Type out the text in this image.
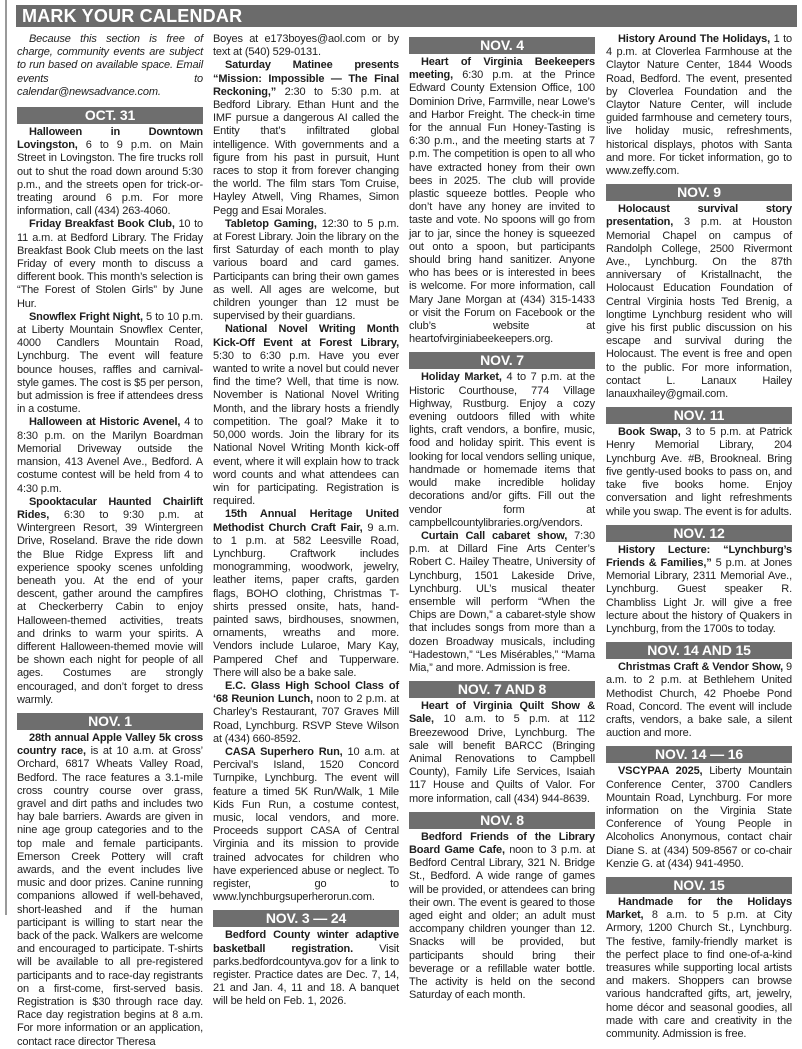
MARK YOUR CALENDAR

Because this section is free of charge, community events are subject to run based on available space. Email events to calendar@newsadvance.com.

OCT. 31

Halloween in Downtown Lovingston, 6 to 9 p.m. on Main Street in Lovingston. The fire trucks roll out to shut the road down around 5:30 p.m., and the streets open for trick-or-treating around 6 p.m. For more information, call (434) 263-4060.

Friday Breakfast Book Club, 10 to 11 a.m. at Bedford Library. The Friday Breakfast Book Club meets on the last Friday of every month to discuss a different book. This month’s selection is “The Forest of Stolen Girls” by June Hur.

Snowflex Fright Night, 5 to 10 p.m. at Liberty Mountain Snowflex Center, 4000 Candlers Mountain Road, Lynchburg. The event will feature bounce houses, raffles and carnival-style games. The cost is $5 per person, but admission is free if attendees dress in a costume.

Halloween at Historic Avenel, 4 to 8:30 p.m. on the Marilyn Boardman Memorial Driveway outside the mansion, 413 Avenel Ave., Bedford. A costume contest will be held from 4 to 4:30 p.m.

Spooktacular Haunted Chairlift Rides, 6:30 to 9:30 p.m. at Wintergreen Resort, 39 Wintergreen Drive, Roseland. Brave the ride down the Blue Ridge Express lift and experience spooky scenes unfolding beneath you. At the end of your descent, gather around the campfires at Checkerberry Cabin to enjoy Halloween-themed activities, treats and drinks to warm your spirits. A different Halloween-themed movie will be shown each night for people of all ages. Costumes are strongly encouraged, and don’t forget to dress warmly.

NOV. 1

28th annual Apple Valley 5k cross country race, is at 10 a.m. at Gross’ Orchard, 6817 Wheats Valley Road, Bedford. The race features a 3.1-mile cross country course over grass, gravel and dirt paths and includes two hay bale barriers. Awards are given in nine age group categories and to the top male and female participants. Emerson Creek Pottery will craft awards, and the event includes live music and door prizes. Canine running companions allowed if well-behaved, short-leashed and if the human participant is willing to start near the back of the pack. Walkers are welcome and encouraged to participate. T-shirts will be available to all pre-registered participants and to race-day registrants on a first-come, first-served basis. Registration is $30 through race day. Race day registration begins at 8 a.m. For more information or an application, contact race director Theresa

Boyes at e173boyes@aol.com or by text at (540) 529-0131.

Saturday Matinee presents “Mission: Impossible — The Final Reckoning,” 2:30 to 5:30 p.m. at Bedford Library. Ethan Hunt and the IMF pursue a dangerous AI called the Entity that’s infiltrated global intelligence. With governments and a figure from his past in pursuit, Hunt races to stop it from forever changing the world. The film stars Tom Cruise, Hayley Atwell, Ving Rhames, Simon Pegg and Esai Morales.

Tabletop Gaming, 12:30 to 5 p.m. at Forest Library. Join the library on the first Saturday of each month to play various board and card games. Participants can bring their own games as well. All ages are welcome, but children younger than 12 must be supervised by their guardians.

National Novel Writing Month Kick-Off Event at Forest Library, 5:30 to 6:30 p.m. Have you ever wanted to write a novel but could never find the time? Well, that time is now. November is National Novel Writing Month, and the library hosts a friendly competition. The goal? Make it to 50,000 words. Join the library for its National Novel Writing Month kick-off event, where it will explain how to track word counts and what attendees can win for participating. Registration is required.

15th Annual Heritage United Methodist Church Craft Fair, 9 a.m. to 1 p.m. at 582 Leesville Road, Lynchburg. Craftwork includes monogramming, woodwork, jewelry, leather items, paper crafts, garden flags, BOHO clothing, Christmas T-shirts pressed onsite, hats, hand-painted saws, birdhouses, snowmen, ornaments, wreaths and more. Vendors include Lularoe, Mary Kay, Pampered Chef and Tupperware. There will also be a bake sale.

E.C. Glass High School Class of ‘68 Reunion Lunch, noon to 2 p.m. at Charley’s Restaurant, 707 Graves Mill Road, Lynchburg. RSVP Steve Wilson at (434) 660-8592.

CASA Superhero Run, 10 a.m. at Percival’s Island, 1520 Concord Turnpike, Lynchburg. The event will feature a timed 5K Run/Walk, 1 Mile Kids Fun Run, a costume contest, music, local vendors, and more. Proceeds support CASA of Central Virginia and its mission to provide trained advocates for children who have experienced abuse or neglect. To register, go to www.lynchburgsuperherorun.com.

NOV. 3 — 24

Bedford County winter adaptive basketball registration. Visit parks.bedfordcountyva.gov for a link to register. Practice dates are Dec. 7, 14, 21 and Jan. 4, 11 and 18. A banquet will be held on Feb. 1, 2026.

NOV. 4

Heart of Virginia Beekeepers meeting, 6:30 p.m. at the Prince Edward County Extension Office, 100 Dominion Drive, Farmville, near Lowe’s and Harbor Freight. The check-in time for the annual Fun Honey-Tasting is 6:30 p.m., and the meeting starts at 7 p.m. The competition is open to all who have extracted honey from their own bees in 2025. The club will provide plastic squeeze bottles. People who don’t have any honey are invited to taste and vote. No spoons will go from jar to jar, since the honey is squeezed out onto a spoon, but participants should bring hand sanitizer. Anyone who has bees or is interested in bees is welcome. For more information, call Mary Jane Morgan at (434) 315-1433 or visit the Forum on Facebook or the club’s website at heartofvirginiabeekeepers.org.

NOV. 7

Holiday Market, 4 to 7 p.m. at the Historic Courthouse, 774 Village Highway, Rustburg. Enjoy a cozy evening outdoors filled with white lights, craft vendors, a bonfire, music, food and holiday spirit. This event is looking for local vendors selling unique, handmade or homemade items that would make incredible holiday decorations and/or gifts. Fill out the vendor form at campbellcountylibraries.org/vendors.

Curtain Call cabaret show, 7:30 p.m. at Dillard Fine Arts Center’s Robert C. Hailey Theatre, University of Lynchburg, 1501 Lakeside Drive, Lynchburg. UL’s musical theater ensemble will perform “When the Chips are Down,” a cabaret-style show that includes songs from more than a dozen Broadway musicals, including “Hadestown,” “Les Misérables,” “Mama Mia,” and more. Admission is free.

NOV. 7 AND 8

Heart of Virginia Quilt Show & Sale, 10 a.m. to 5 p.m. at 112 Breezewood Drive, Lynchburg. The sale will benefit BARCC (Bringing Animal Renovations to Campbell County), Family Life Services, Isaiah 117 House and Quilts of Valor. For more information, call (434) 944-8639.

NOV. 8

Bedford Friends of the Library Board Game Cafe, noon to 3 p.m. at Bedford Central Library, 321 N. Bridge St., Bedford. A wide range of games will be provided, or attendees can bring their own. The event is geared to those aged eight and older; an adult must accompany children younger than 12. Snacks will be provided, but participants should bring their beverage or a refillable water bottle. The activity is held on the second Saturday of each month.

History Around The Holidays, 1 to 4 p.m. at Cloverlea Farmhouse at the Claytor Nature Center, 1844 Woods Road, Bedford. The event, presented by Cloverlea Foundation and the Claytor Nature Center, will include guided farmhouse and cemetery tours, live holiday music, refreshments, historical displays, photos with Santa and more. For ticket information, go to www.zeffy.com.

NOV. 9

Holocaust survival story presentation, 3 p.m. at Houston Memorial Chapel on campus of Randolph College, 2500 Rivermont Ave., Lynchburg. On the 87th anniversary of Kristallnacht, the Holocaust Education Foundation of Central Virginia hosts Ted Brenig, a longtime Lynchburg resident who will give his first public discussion on his escape and survival during the Holocaust. The event is free and open to the public. For more information, contact L. Lanaux Hailey lanauxhailey@gmail.com.

NOV. 11

Book Swap, 3 to 5 p.m. at Patrick Henry Memorial Library, 204 Lynchburg Ave. #B, Brookneal. Bring five gently-used books to pass on, and take five books home. Enjoy conversation and light refreshments while you swap. The event is for adults.

NOV. 12

History Lecture: “Lynchburg’s Friends & Families,” 5 p.m. at Jones Memorial Library, 2311 Memorial Ave., Lynchburg. Guest speaker R. Chambliss Light Jr. will give a free lecture about the history of Quakers in Lynchburg, from the 1700s to today.

NOV. 14 AND 15

Christmas Craft & Vendor Show, 9 a.m. to 2 p.m. at Bethlehem United Methodist Church, 42 Phoebe Pond Road, Concord. The event will include crafts, vendors, a bake sale, a silent auction and more.

NOV. 14 — 16

VSCYPAA 2025, Liberty Mountain Conference Center, 3700 Candlers Mountain Road, Lynchburg. For more information on the Virginia State Conference of Young People in Alcoholics Anonymous, contact chair Diane S. at (434) 509-8567 or co-chair Kenzie G. at (434) 941-4950.

NOV. 15

Handmade for the Holidays Market, 8 a.m. to 5 p.m. at City Armory, 1200 Church St., Lynchburg. The festive, family-friendly market is the perfect place to find one-of-a-kind treasures while supporting local artists and makers. Shoppers can browse various handcrafted gifts, art, jewelry, home décor and seasonal goodies, all made with care and creativity in the community. Admission is free.
